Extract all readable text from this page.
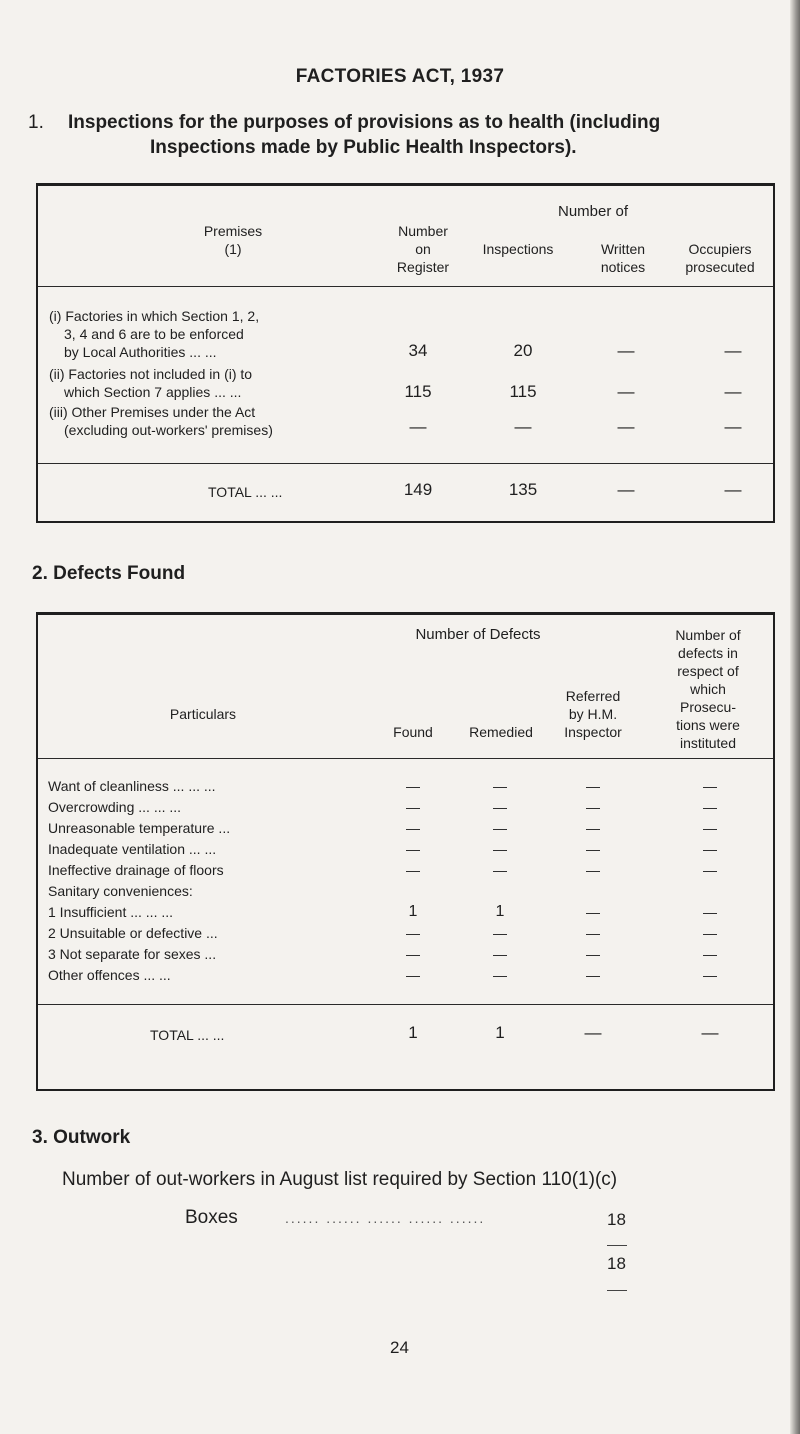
FACTORIES ACT, 1937
1.	Inspections for the purposes of provisions as to health (including
Inspections made by Public Health Inspectors).
Premises
(1)
Number
on
Register
Number of
Inspections	Written
notices
Occupiers
prosecuted
(i) Factories in which Section 1, 2,
3, 4 and 6 are to be enforced
by Local Authorities ... ...	34	20	—	—
(ii) Factories not included in (i) to
which Section 7 applies ... ...	115	115	—	—
(iii) Other Premises under the Act
(excluding out-workers' premises)	—	—	—	—
TOTAL ... ...	149	135	—	—
2. Defects Found
Particulars
Number of Defects
Found	Remedied
Referred
by H.M.
Inspector
Number of
defects in
respect of
which
Prosecu-
tions were
instituted
Want of cleanliness ... ... ...	—	—	—	—
Overcrowding ... ... ...	—	—	—	—
Unreasonable temperature ...	—	—	—	—
Inadequate ventilation ... ...	—	—	—	—
Ineffective drainage of floors	—	—	—	—
Sanitary conveniences:
1 Insufficient ... ... ...	1	1	—	—
2 Unsuitable or defective ...	—	—	—	—
3 Not separate for sexes ...	—	—	—	—
Other offences ... ...	—	—	—	—
TOTAL ... ...	1	1	—	—
3. Outwork
Number of out-workers in August list required by Section 110(1)(c)
Boxes	...... ...... ...... ...... ......	18
18
24
